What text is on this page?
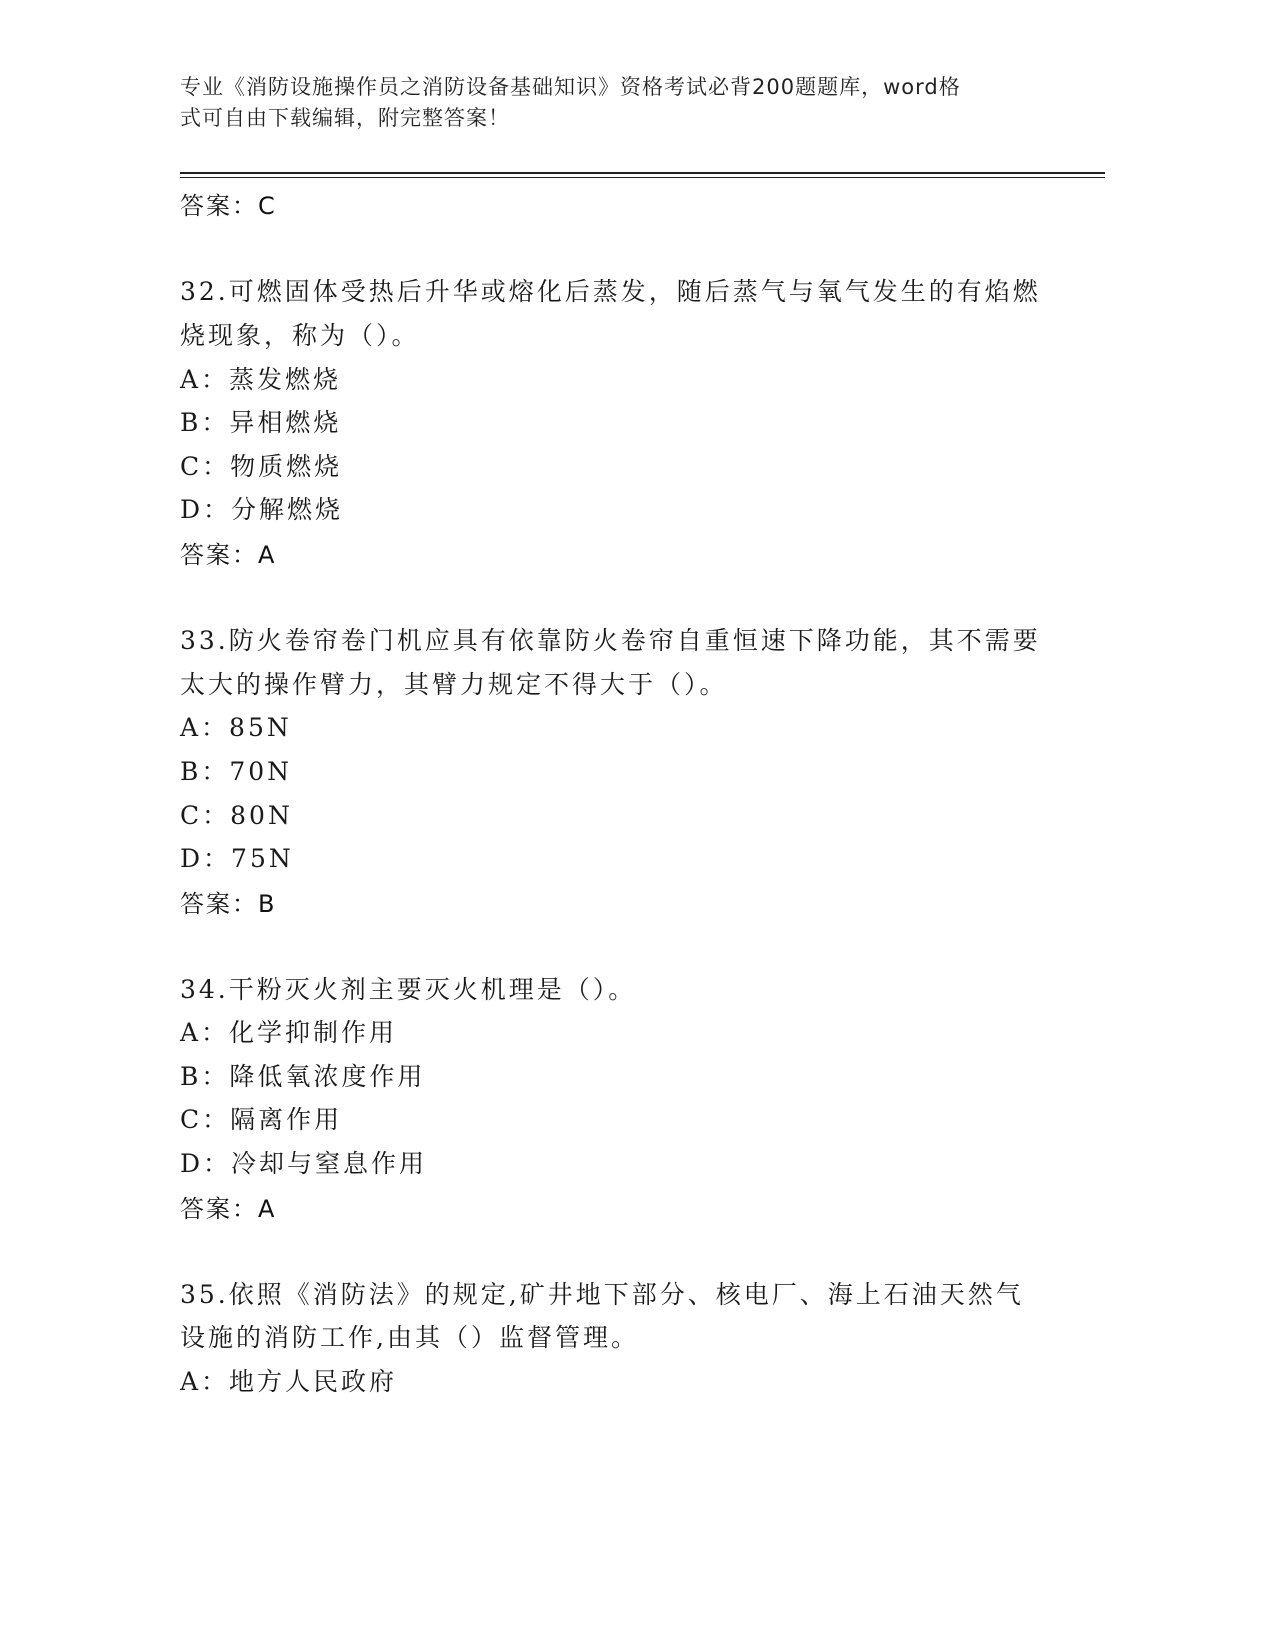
专业《消防设施操作员之消防设备基础知识》资格考试必背200题题库，word格
式可自由下载编辑，附完整答案！
答案：C
32.可燃固体受热后升华或熔化后蒸发，随后蒸气与氧气发生的有焰燃
烧现象，称为（）。
A：蒸发燃烧
B：异相燃烧
C：物质燃烧
D：分解燃烧
答案：A
33.防火卷帘卷门机应具有依靠防火卷帘自重恒速下降功能，其不需要
太大的操作臂力，其臂力规定不得大于（）。
A：85N
B：70N
C：80N
D：75N
答案：B
34.干粉灭火剂主要灭火机理是（）。
A：化学抑制作用
B：降低氧浓度作用
C：隔离作用
D：冷却与窒息作用
答案：A
35.依照《消防法》的规定,矿井地下部分、核电厂、海上石油天然气
设施的消防工作,由其（）监督管理。
A：地方人民政府
